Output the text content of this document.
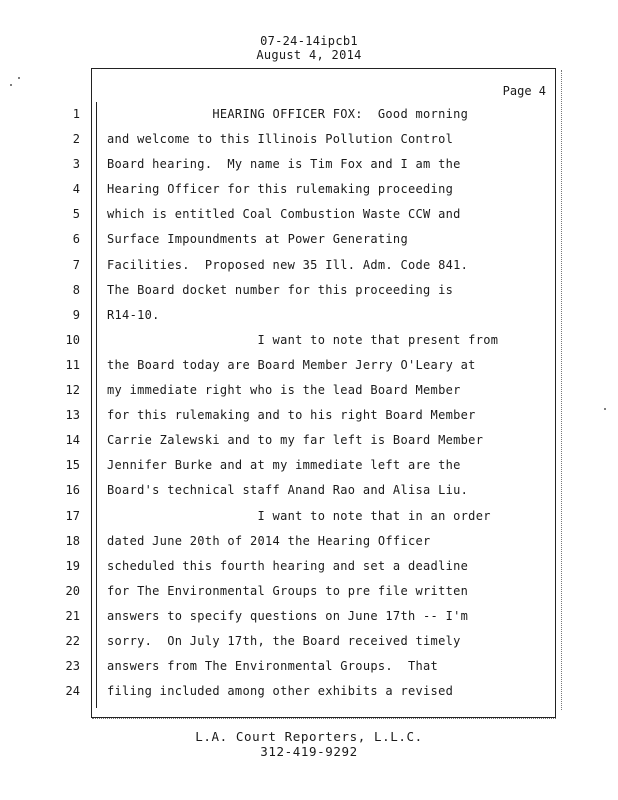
07-24-14ipcb1
August 4, 2014
Page 4
1 HEARING OFFICER FOX:  Good morning
2 and welcome to this Illinois Pollution Control
3 Board hearing.  My name is Tim Fox and I am the
4 Hearing Officer for this rulemaking proceeding
5 which is entitled Coal Combustion Waste CCW and
6 Surface Impoundments at Power Generating
7 Facilities.  Proposed new 35 Ill. Adm. Code 841.
8 The Board docket number for this proceeding is
9 R14-10.
10 I want to note that present from
11 the Board today are Board Member Jerry O'Leary at
12 my immediate right who is the lead Board Member
13 for this rulemaking and to his right Board Member
14 Carrie Zalewski and to my far left is Board Member
15 Jennifer Burke and at my immediate left are the
16 Board's technical staff Anand Rao and Alisa Liu.
17 I want to note that in an order
18 dated June 20th of 2014 the Hearing Officer
19 scheduled this fourth hearing and set a deadline
20 for The Environmental Groups to pre file written
21 answers to specify questions on June 17th -- I'm
22 sorry.  On July 17th, the Board received timely
23 answers from The Environmental Groups.  That
24 filing included among other exhibits a revised
L.A. Court Reporters, L.L.C.
312-419-9292
